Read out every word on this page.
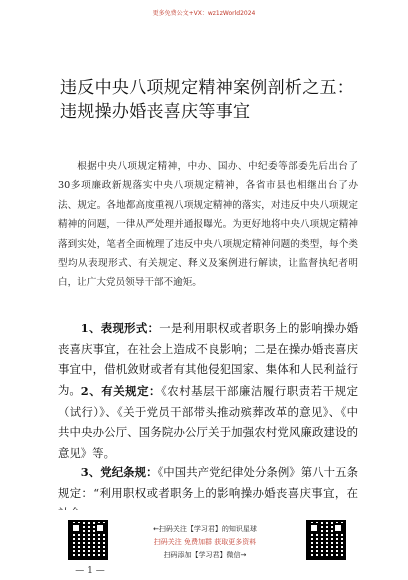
更多免费公文+VX：wz1zWorld2024
违反中央八项规定精神案例剖析之五：违规操办婚丧喜庆等事宜
根据中央八项规定精神，中办、国办、中纪委等部委先后出台了30多项廉政新规落实中央八项规定精神，各省市县也相继出台了办法、规定。各地都高度重视八项规定精神的落实，对违反中央八项规定精神的问题，一律从严处理并通报曝光。为更好地将中央八项规定精神落到实处，笔者全面梳理了违反中央八项规定精神问题的类型，每个类型均从表现形式、有关规定、释义及案例进行解读，让监督执纪者明白，让广大党员领导干部不逾矩。
1、表现形式：一是利用职权或者职务上的影响操办婚丧喜庆事宜，在社会上造成不良影响；二是在操办婚丧喜庆事宜中，借机敛财或者有其他侵犯国家、集体和人民利益行为。 2、有关规定：《农村基层干部廉洁履行职责若干规定（试行）》、《关于党员干部带头推动殡葬改革的意见》、《中共中央办公厅、国务院办公厅关于加强农村党风廉政建设的意见》等。
3、党纪条规：《中国共产党纪律处分条例》第八十五条规定：“利用职权或者职务上的影响操办婚丧喜庆事宜，在
←扫码关注【学习君】的知识星球
扫码关注 免费加群 获取更多资料
扫码添加【学习君】微信→
— 1 —
